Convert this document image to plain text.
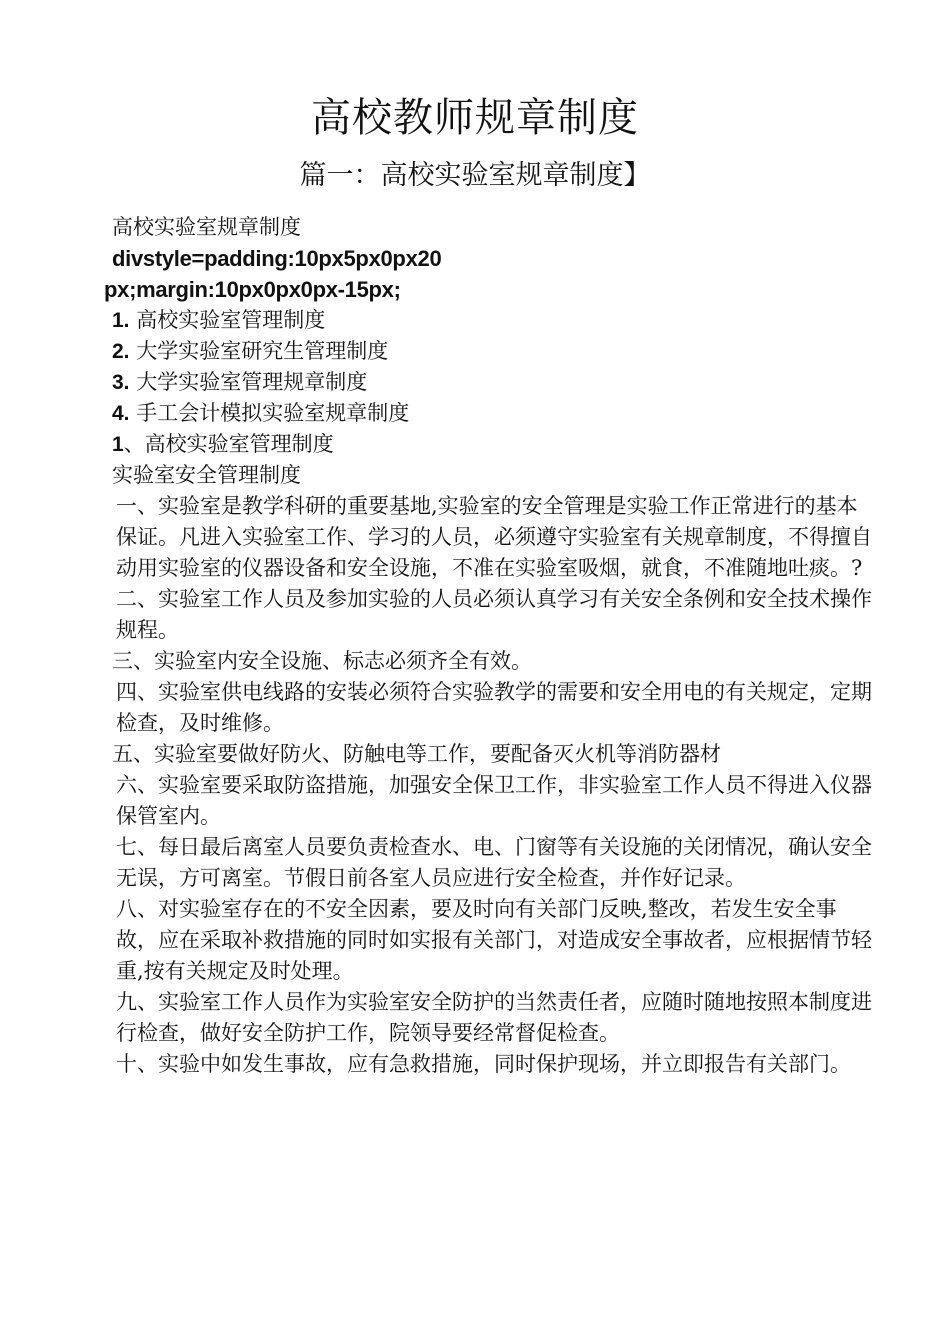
高校教师规章制度
篇一：高校实验室规章制度】
高校实验室规章制度
divstyle=padding:10px5px0px20
px;margin:10px0px0px-15px;
1. 高校实验室管理制度
2. 大学实验室研究生管理制度
3. 大学实验室管理规章制度
4. 手工会计模拟实验室规章制度
1、高校实验室管理制度
实验室安全管理制度
一、实验室是教学科研的重要基地,实验室的安全管理是实验工作正常进行的基本保证。凡进入实验室工作、学习的人员，必须遵守实验室有关规章制度，不得擅自动用实验室的仪器设备和安全设施，不准在实验室吸烟，就食，不准随地吐痰。?
二、实验室工作人员及参加实验的人员必须认真学习有关安全条例和安全技术操作规程。
三、实验室内安全设施、标志必须齐全有效。
四、实验室供电线路的安装必须符合实验教学的需要和安全用电的有关规定，定期检查，及时维修。
五、实验室要做好防火、防触电等工作，要配备灭火机等消防器材
六、实验室要采取防盗措施，加强安全保卫工作，非实验室工作人员不得进入仪器保管室内。
七、每日最后离室人员要负责检查水、电、门窗等有关设施的关闭情况，确认安全无误，方可离室。节假日前各室人员应进行安全检查，并作好记录。
八、对实验室存在的不安全因素，要及时向有关部门反映,整改，若发生安全事故，应在采取补救措施的同时如实报有关部门，对造成安全事故者，应根据情节轻重,按有关规定及时处理。
九、实验室工作人员作为实验室安全防护的当然责任者，应随时随地按照本制度进行检查，做好安全防护工作，院领导要经常督促检查。
十、实验中如发生事故，应有急救措施，同时保护现场，并立即报告有关部门。
